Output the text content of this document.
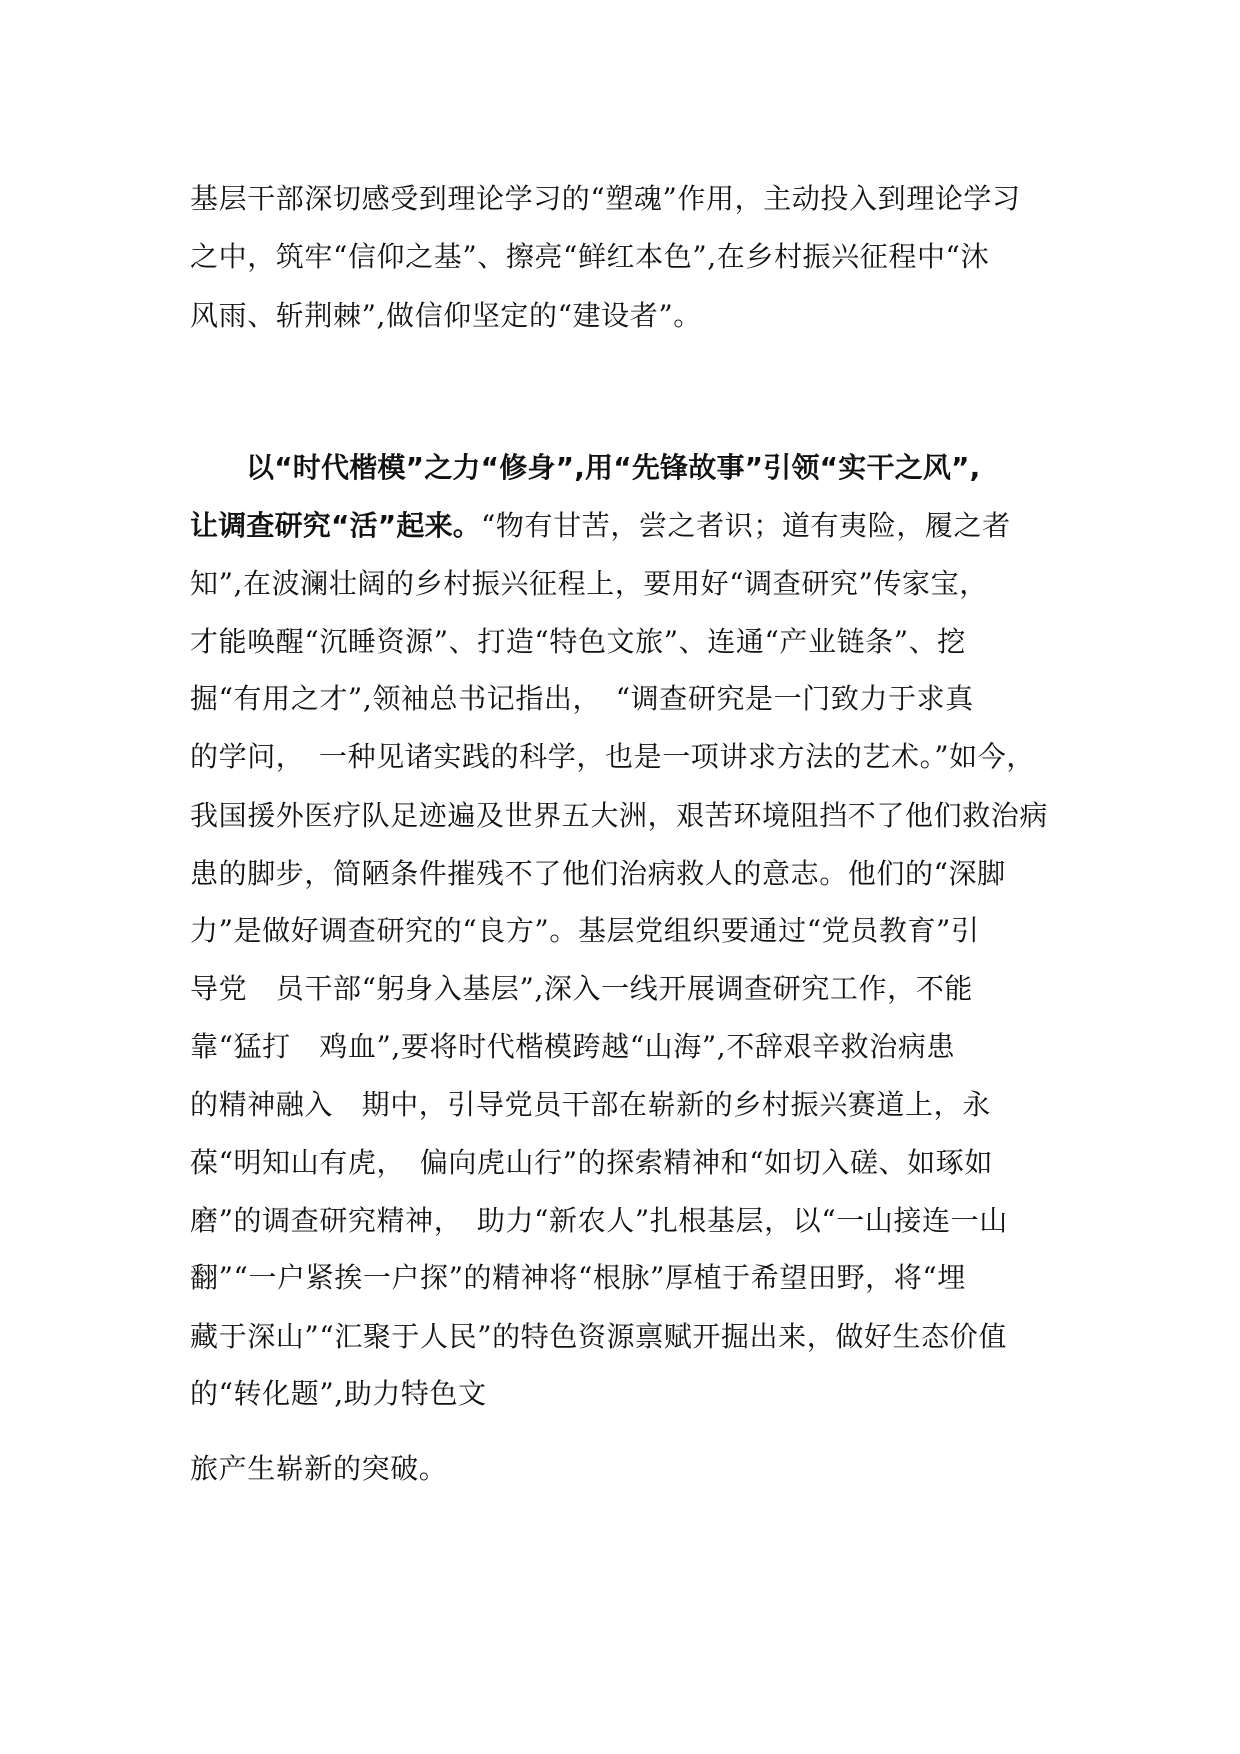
基层干部深切感受到理论学习的“塑魂”作用，主动投入到理论学习
之中，筑牢“信仰之基”、擦亮“鲜红本色”,在乡村振兴征程中“沐
风雨、斩荆棘”,做信仰坚定的“建设者”。
以“时代楷模”之力“修身”,用“先锋故事”引领“实干之风”,
让调查研究“活”起来。“物有甘苦，尝之者识；道有夷险，履之者
知”,在波澜壮阔的乡村振兴征程上，要用好“调查研究”传家宝，
才能唤醒“沉睡资源”、打造“特色文旅”、连通“产业链条”、挖
掘“有用之才”,领袖总书记指出，　“调查研究是一门致力于求真
的学问，　一种见诸实践的科学，也是一项讲求方法的艺术。”如今，
我国援外医疗队足迹遍及世界五大洲，艰苦环境阻挡不了他们救治病
患的脚步，简陋条件摧残不了他们治病救人的意志。他们的“深脚
力”是做好调查研究的“良方”。基层党组织要通过“党员教育”引
导党　员干部“躬身入基层”,深入一线开展调查研究工作，不能
靠“猛打　鸡血”,要将时代楷模跨越“山海”,不辞艰辛救治病患
的精神融入　期中，引导党员干部在崭新的乡村振兴赛道上，永
葆“明知山有虎，　偏向虎山行”的探索精神和“如切入磋、如琢如
磨”的调查研究精神，　助力“新农人”扎根基层，以“一山接连一山
翻”“一户紧挨一户探”的精神将“根脉”厚植于希望田野，将“埋
藏于深山”“汇聚于人民”的特色资源禀赋开掘出来，做好生态价值
的“转化题”,助力特色文
旅产生崭新的突破。
